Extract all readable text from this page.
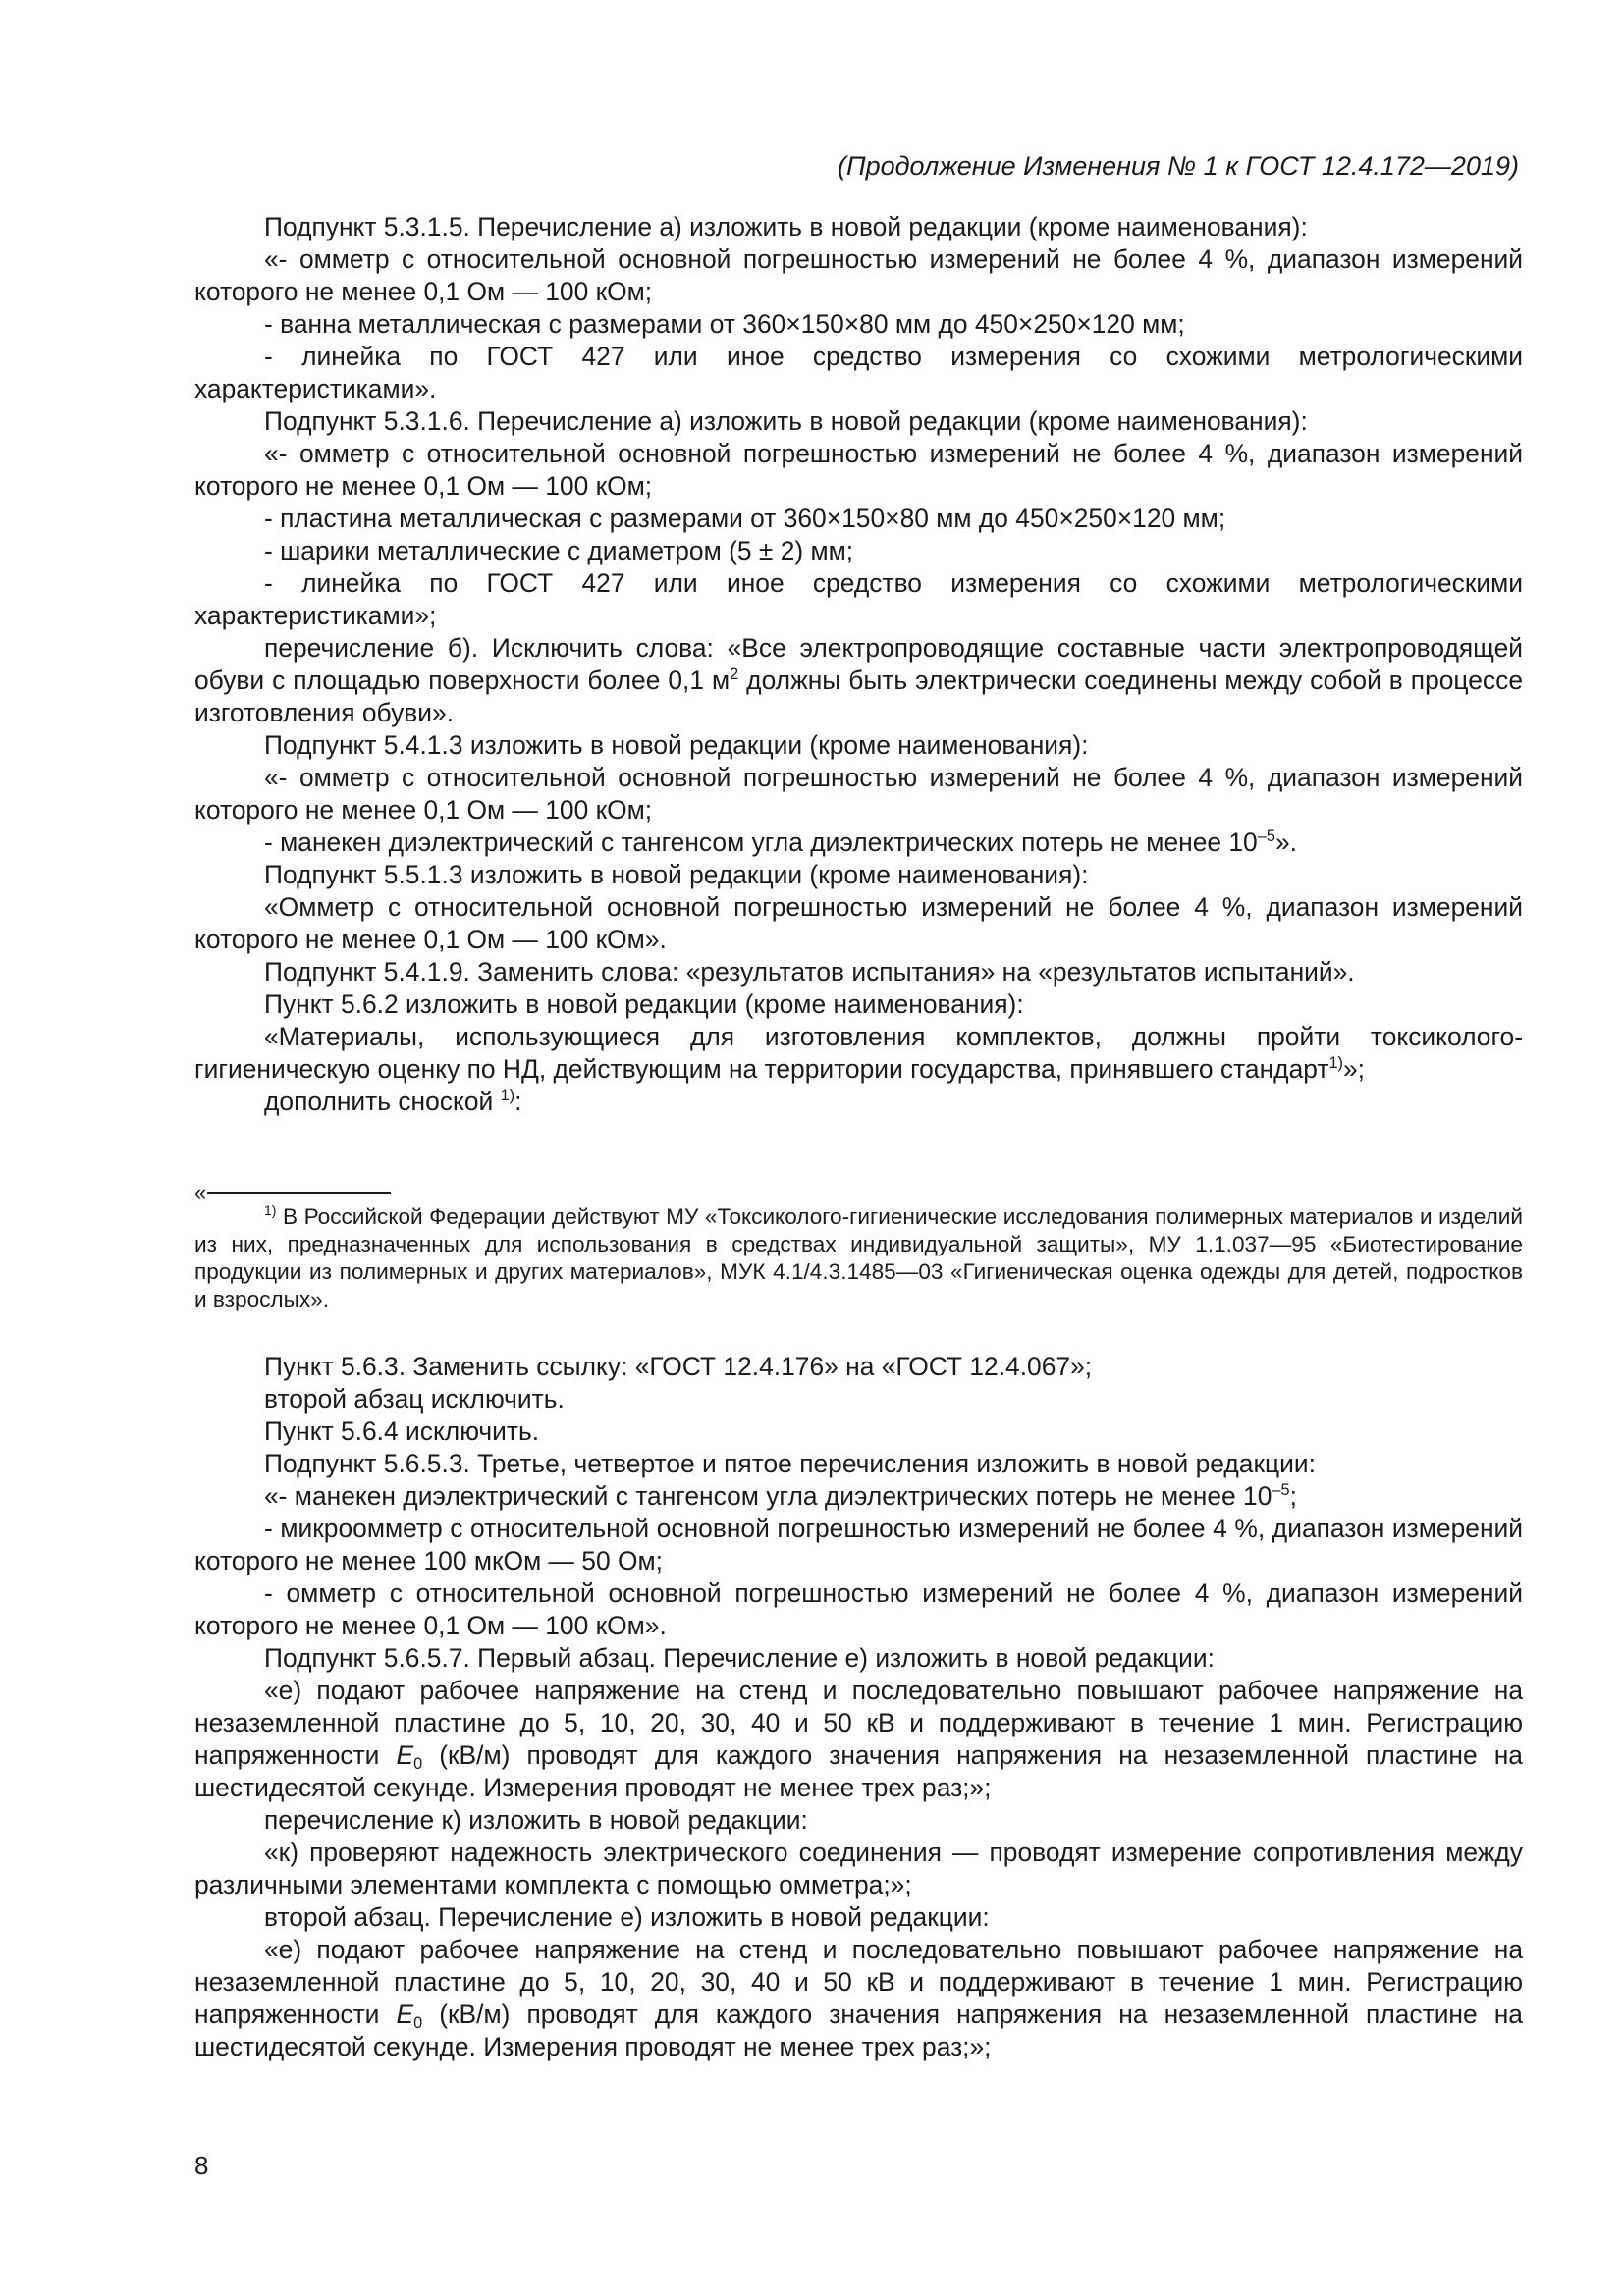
(Продолжение Изменения № 1 к ГОСТ 12.4.172—2019)

Подпункт 5.3.1.5. Перечисление а) изложить в новой редакции (кроме наименования):

«- омметр с относительной основной погрешностью измерений не более 4 %, диапазон измерений которого не менее 0,1 Ом — 100 кОм;

- ванна металлическая с размерами от 360×150×80 мм до 450×250×120 мм;

- линейка по ГОСТ 427 или иное средство измерения со схожими метрологическими характеристиками».

Подпункт 5.3.1.6. Перечисление а) изложить в новой редакции (кроме наименования):

«- омметр с относительной основной погрешностью измерений не более 4 %, диапазон измерений которого не менее 0,1 Ом — 100 кОм;

- пластина металлическая с размерами от 360×150×80 мм до 450×250×120 мм;

- шарики металлические с диаметром (5 ± 2) мм;

- линейка по ГОСТ 427 или иное средство измерения со схожими метрологическими характеристиками»;

перечисление б). Исключить слова: «Все электропроводящие составные части электропроводящей обуви с площадью поверхности более 0,1 $м^2$ должны быть электрически соединены между собой в процессе изготовления обуви».

Подпункт 5.4.1.3 изложить в новой редакции (кроме наименования):

«- омметр с относительной основной погрешностью измерений не более 4 %, диапазон измерений которого не менее 0,1 Ом — 100 кОм;

- манекен диэлектрический с тангенсом угла диэлектрических потерь не менее $10^{-5}$».

Подпункт 5.5.1.3 изложить в новой редакции (кроме наименования):

«Омметр с относительной основной погрешностью измерений не более 4 %, диапазон измерений которого не менее 0,1 Ом — 100 кОм».

Подпункт 5.4.1.9. Заменить слова: «результатов испытания» на «результатов испытаний».

Пункт 5.6.2 изложить в новой редакции (кроме наименования):

«Материалы, использующиеся для изготовления комплектов, должны пройти токсиколого-гигиеническую оценку по НД, действующим на территории государства, принявшего стандарт$^{1)}$»;

дополнить сноской $^{1)}$:

«

$^{1)}$ В Российской Федерации действуют МУ «Токсиколого-гигиенические исследования полимерных материалов и изделий из них, предназначенных для использования в средствах индивидуальной защиты», МУ 1.1.037—95 «Биотестирование продукции из полимерных и других материалов», МУК 4.1/4.3.1485—03 «Гигиеническая оценка одежды для детей, подростков и взрослых».

Пункт 5.6.3. Заменить ссылку: «ГОСТ 12.4.176» на «ГОСТ 12.4.067»;

второй абзац исключить.

Пункт 5.6.4 исключить.

Подпункт 5.6.5.3. Третье, четвертое и пятое перечисления изложить в новой редакции:

«- манекен диэлектрический с тангенсом угла диэлектрических потерь не менее $10^{-5}$;

- микроомметр с относительной основной погрешностью измерений не более 4 %, диапазон измерений которого не менее 100 мкОм — 50 Ом;

- омметр с относительной основной погрешностью измерений не более 4 %, диапазон измерений которого не менее 0,1 Ом — 100 кОм».

Подпункт 5.6.5.7. Первый абзац. Перечисление е) изложить в новой редакции:

«е) подают рабочее напряжение на стенд и последовательно повышают рабочее напряжение на незаземленной пластине до 5, 10, 20, 30, 40 и 50 кВ и поддерживают в течение 1 мин. Регистрацию напряженности E0 (кВ/м) проводят для каждого значения напряжения на незаземленной пластине на шестидесятой секунде. Измерения проводят не менее трех раз;»;

перечисление к) изложить в новой редакции:

«к) проверяют надежность электрического соединения — проводят измерение сопротивления между различными элементами комплекта с помощью омметра;»;

второй абзац. Перечисление е) изложить в новой редакции:

«е) подают рабочее напряжение на стенд и последовательно повышают рабочее напряжение на незаземленной пластине до 5, 10, 20, 30, 40 и 50 кВ и поддерживают в течение 1 мин. Регистрацию напряженности E0 (кВ/м) проводят для каждого значения напряжения на незаземленной пластине на шестидесятой секунде. Измерения проводят не менее трех раз;»;

8
